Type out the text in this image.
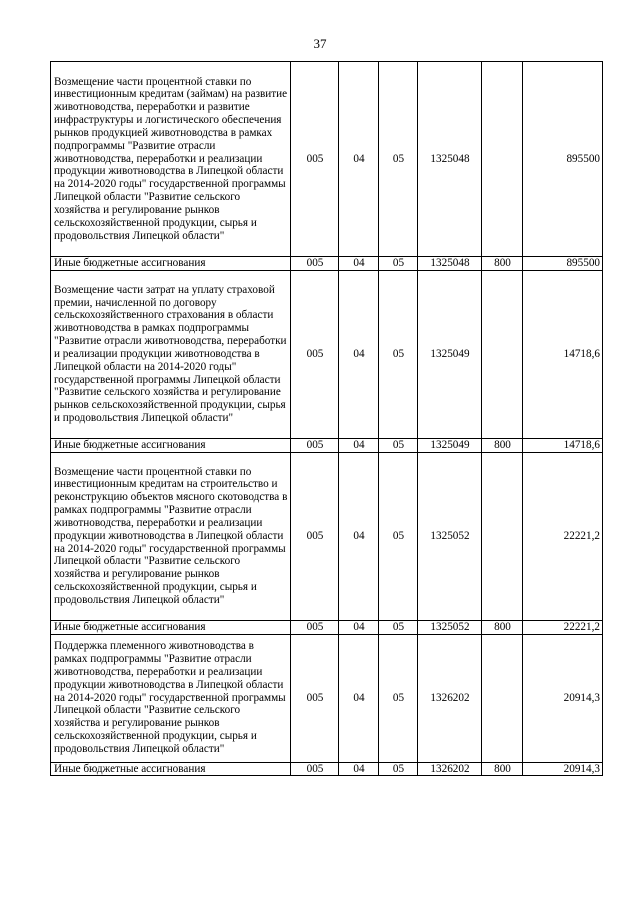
37
Возмещение части процентной ставки по инвестиционным кредитам (займам) на развитие животноводства, переработки и развитие инфраструктуры и логистического обеспечения рынков продукцией животноводства в рамках подпрограммы "Развитие отрасли животноводства, переработки и реализации продукции животноводства в Липецкой области на 2014-2020 годы" государственной программы Липецкой области "Развитие сельского хозяйства и регулирование рынков сельскохозяйственной продукции, сырья и продовольствия Липецкой области"	005	04	05	1325048		895500
Иные бюджетные ассигнования	005	04	05	1325048	800	895500
Возмещение части затрат на уплату страховой премии, начисленной по договору сельскохозяйственного страхования в области животноводства в рамках подпрограммы "Развитие отрасли животноводства, переработки и реализации продукции животноводства в Липецкой области на 2014-2020 годы" государственной программы Липецкой области "Развитие сельского хозяйства и регулирование рынков сельскохозяйственной продукции, сырья и продовольствия Липецкой области"	005	04	05	1325049		14718,6
Иные бюджетные ассигнования	005	04	05	1325049	800	14718,6
Возмещение части процентной ставки по инвестиционным кредитам на строительство и реконструкцию объектов мясного скотоводства в рамках подпрограммы "Развитие отрасли животноводства, переработки и реализации продукции животноводства в Липецкой области на 2014-2020 годы" государственной программы Липецкой области "Развитие сельского хозяйства и регулирование рынков сельскохозяйственной продукции, сырья и продовольствия Липецкой области"	005	04	05	1325052		22221,2
Иные бюджетные ассигнования	005	04	05	1325052	800	22221,2
Поддержка племенного животноводства в рамках подпрограммы "Развитие отрасли животноводства, переработки и реализации продукции животноводства в Липецкой области на 2014-2020 годы" государственной программы Липецкой области "Развитие сельского хозяйства и регулирование рынков сельскохозяйственной продукции, сырья и продовольствия Липецкой области"	005	04	05	1326202		20914,3
Иные бюджетные ассигнования	005	04	05	1326202	800	20914,3
